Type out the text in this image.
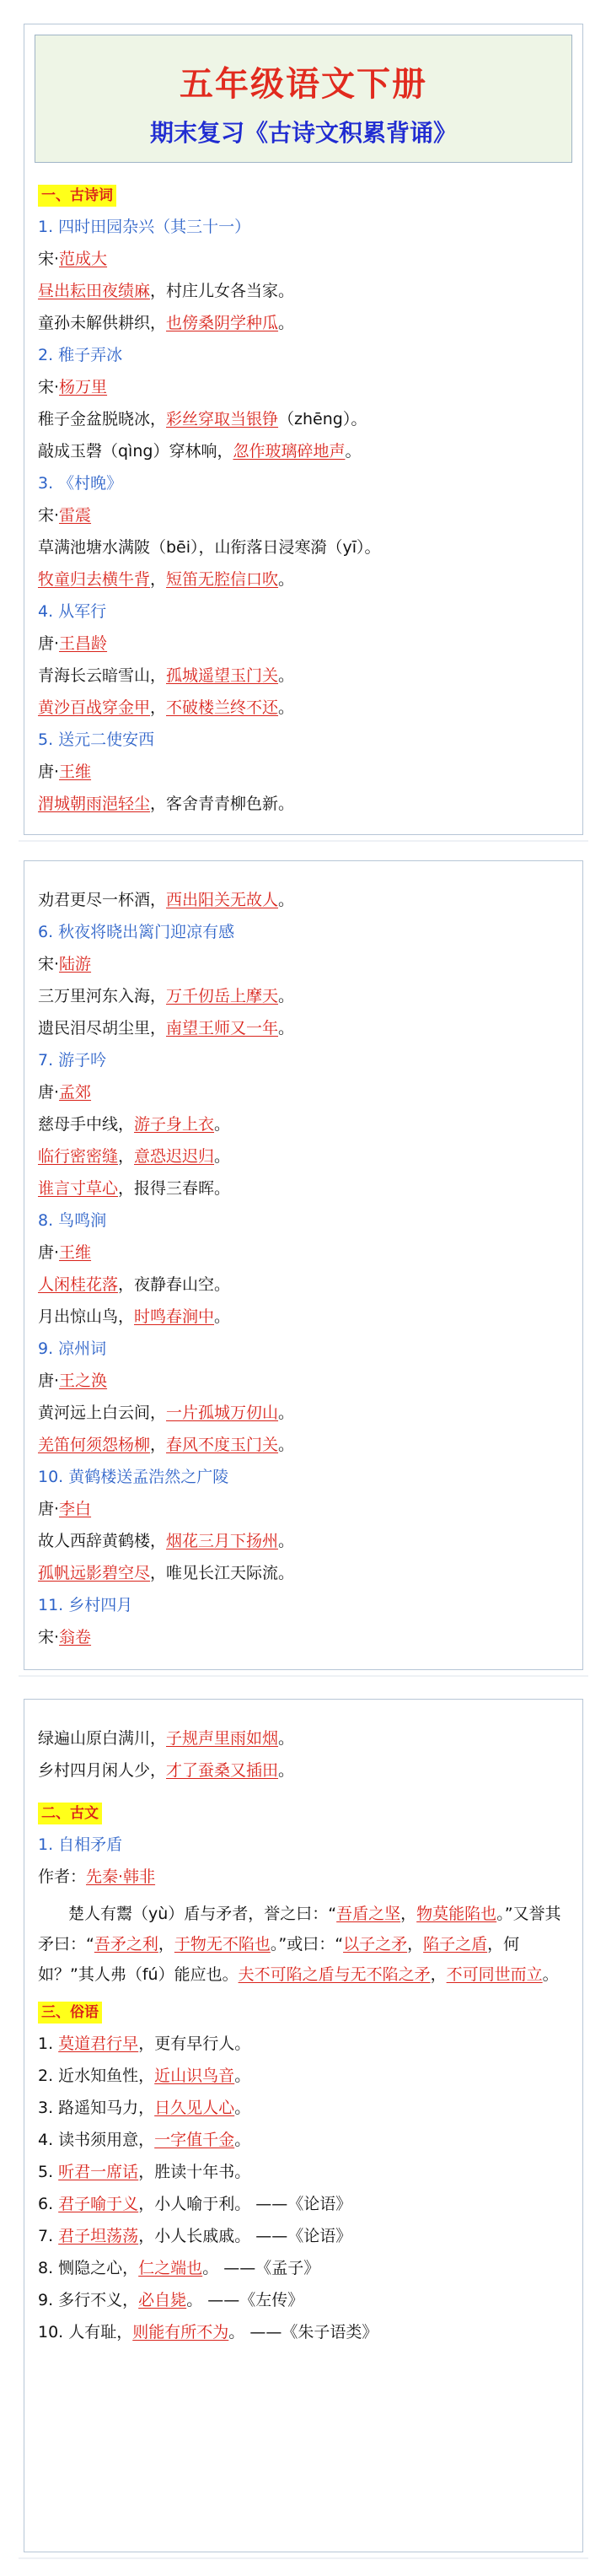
五年级语文下册
期末复习《古诗文积累背诵》
一、古诗词
1. 四时田园杂兴（其三十一）
宋·范成大
昼出耘田夜绩麻，村庄儿女各当家。
童孙未解供耕织，也傍桑阴学种瓜。
2. 稚子弄冰
宋·杨万里
稚子金盆脱晓冰，彩丝穿取当银铮（zhēng）。
敲成玉磬（qìng）穿林响，忽作玻璃碎地声。
3. 《村晚》
宋·雷震
草满池塘水满陂（bēi），山衔落日浸寒漪（yī）。
牧童归去横牛背，短笛无腔信口吹。
4. 从军行
唐·王昌龄
青海长云暗雪山，孤城遥望玉门关。
黄沙百战穿金甲，不破楼兰终不还。
5. 送元二使安西
唐·王维
渭城朝雨浥轻尘，客舍青青柳色新。
劝君更尽一杯酒，西出阳关无故人。
6. 秋夜将晓出篱门迎凉有感
宋·陆游
三万里河东入海，万千仞岳上摩天。
遗民泪尽胡尘里，南望王师又一年。
7. 游子吟
唐·孟郊
慈母手中线，游子身上衣。
临行密密缝，意恐迟迟归。
谁言寸草心，报得三春晖。
8. 鸟鸣涧
唐·王维
人闲桂花落，夜静春山空。
月出惊山鸟，时鸣春涧中。
9. 凉州词
唐·王之涣
黄河远上白云间，一片孤城万仞山。
羌笛何须怨杨柳，春风不度玉门关。
10. 黄鹤楼送孟浩然之广陵
唐·李白
故人西辞黄鹤楼，烟花三月下扬州。
孤帆远影碧空尽，唯见长江天际流。
11. 乡村四月
宋·翁卷
绿遍山原白满川，子规声里雨如烟。
乡村四月闲人少，才了蚕桑又插田。
二、古文
1. 自相矛盾
作者：先秦·韩非
楚人有鬻（yù）盾与矛者，誉之曰：“吾盾之坚，物莫能陷也。”又誉其矛曰：“吾矛之利，于物无不陷也。”或曰：“以子之矛，陷子之盾，何如？”其人弗（fú）能应也。夫不可陷之盾与无不陷之矛，不可同世而立。
三、俗语
1. 莫道君行早，更有早行人。
2. 近水知鱼性，近山识鸟音。
3. 路遥知马力，日久见人心。
4. 读书须用意，一字值千金。
5. 听君一席话，胜读十年书。
6. 君子喻于义，小人喻于利。 ——《论语》
7. 君子坦荡荡，小人长戚戚。 ——《论语》
8. 恻隐之心，仁之端也。 ——《孟子》
9. 多行不义，必自毙。 ——《左传》
10. 人有耻，则能有所不为。 ——《朱子语类》
